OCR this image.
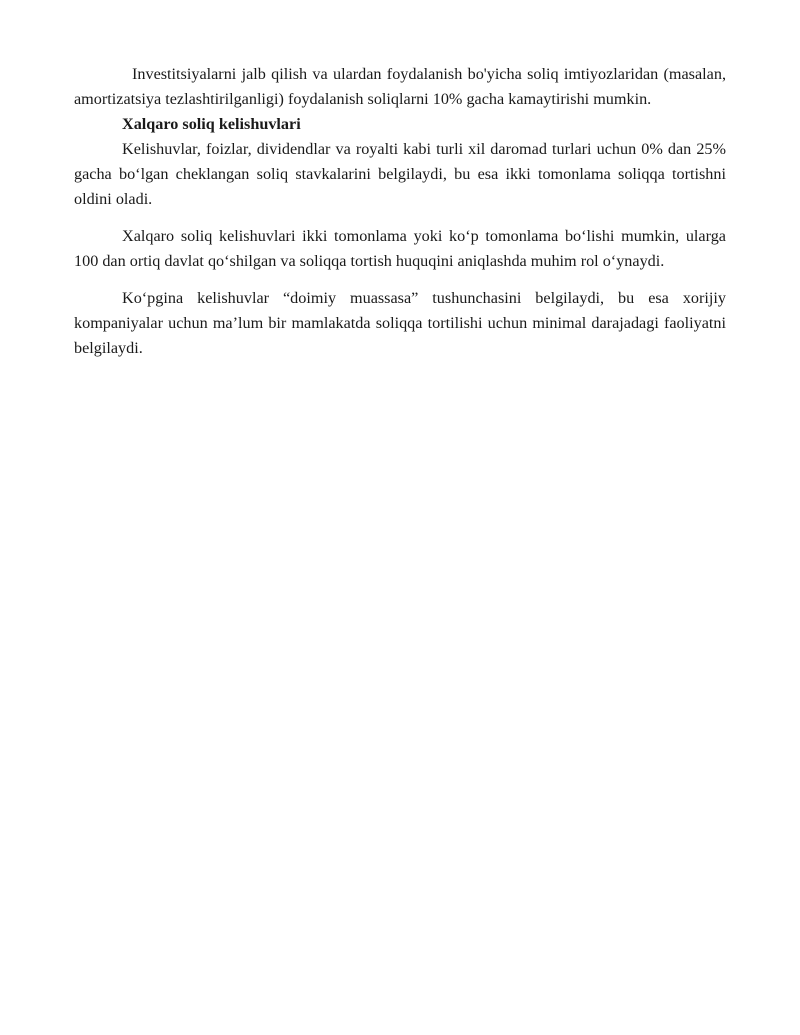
Investitsiyalarni jalb qilish va ulardan foydalanish bo'yicha soliq imtiyozlaridan (masalan, amortizatsiya tezlashtirilganligi) foydalanish soliqlarni 10% gacha kamaytirishi mumkin.

Xalqaro soliq kelishuvlari

Kelishuvlar, foizlar, dividendlar va royalti kabi turli xil daromad turlari uchun 0% dan 25% gacha bo‘lgan cheklangan soliq stavkalarini belgilaydi, bu esa ikki tomonlama soliqqa tortishni oldini oladi.

Xalqaro soliq kelishuvlari ikki tomonlama yoki ko‘p tomonlama bo‘lishi mumkin, ularga 100 dan ortiq davlat qo‘shilgan va soliqqa tortish huquqini aniqlashda muhim rol o‘ynaydi.

Ko‘pgina kelishuvlar “doimiy muassasa” tushunchasini belgilaydi, bu esa xorijiy kompaniyalar uchun ma’lum bir mamlakatda soliqqa tortilishi uchun minimal darajadagi faoliyatni belgilaydi.
